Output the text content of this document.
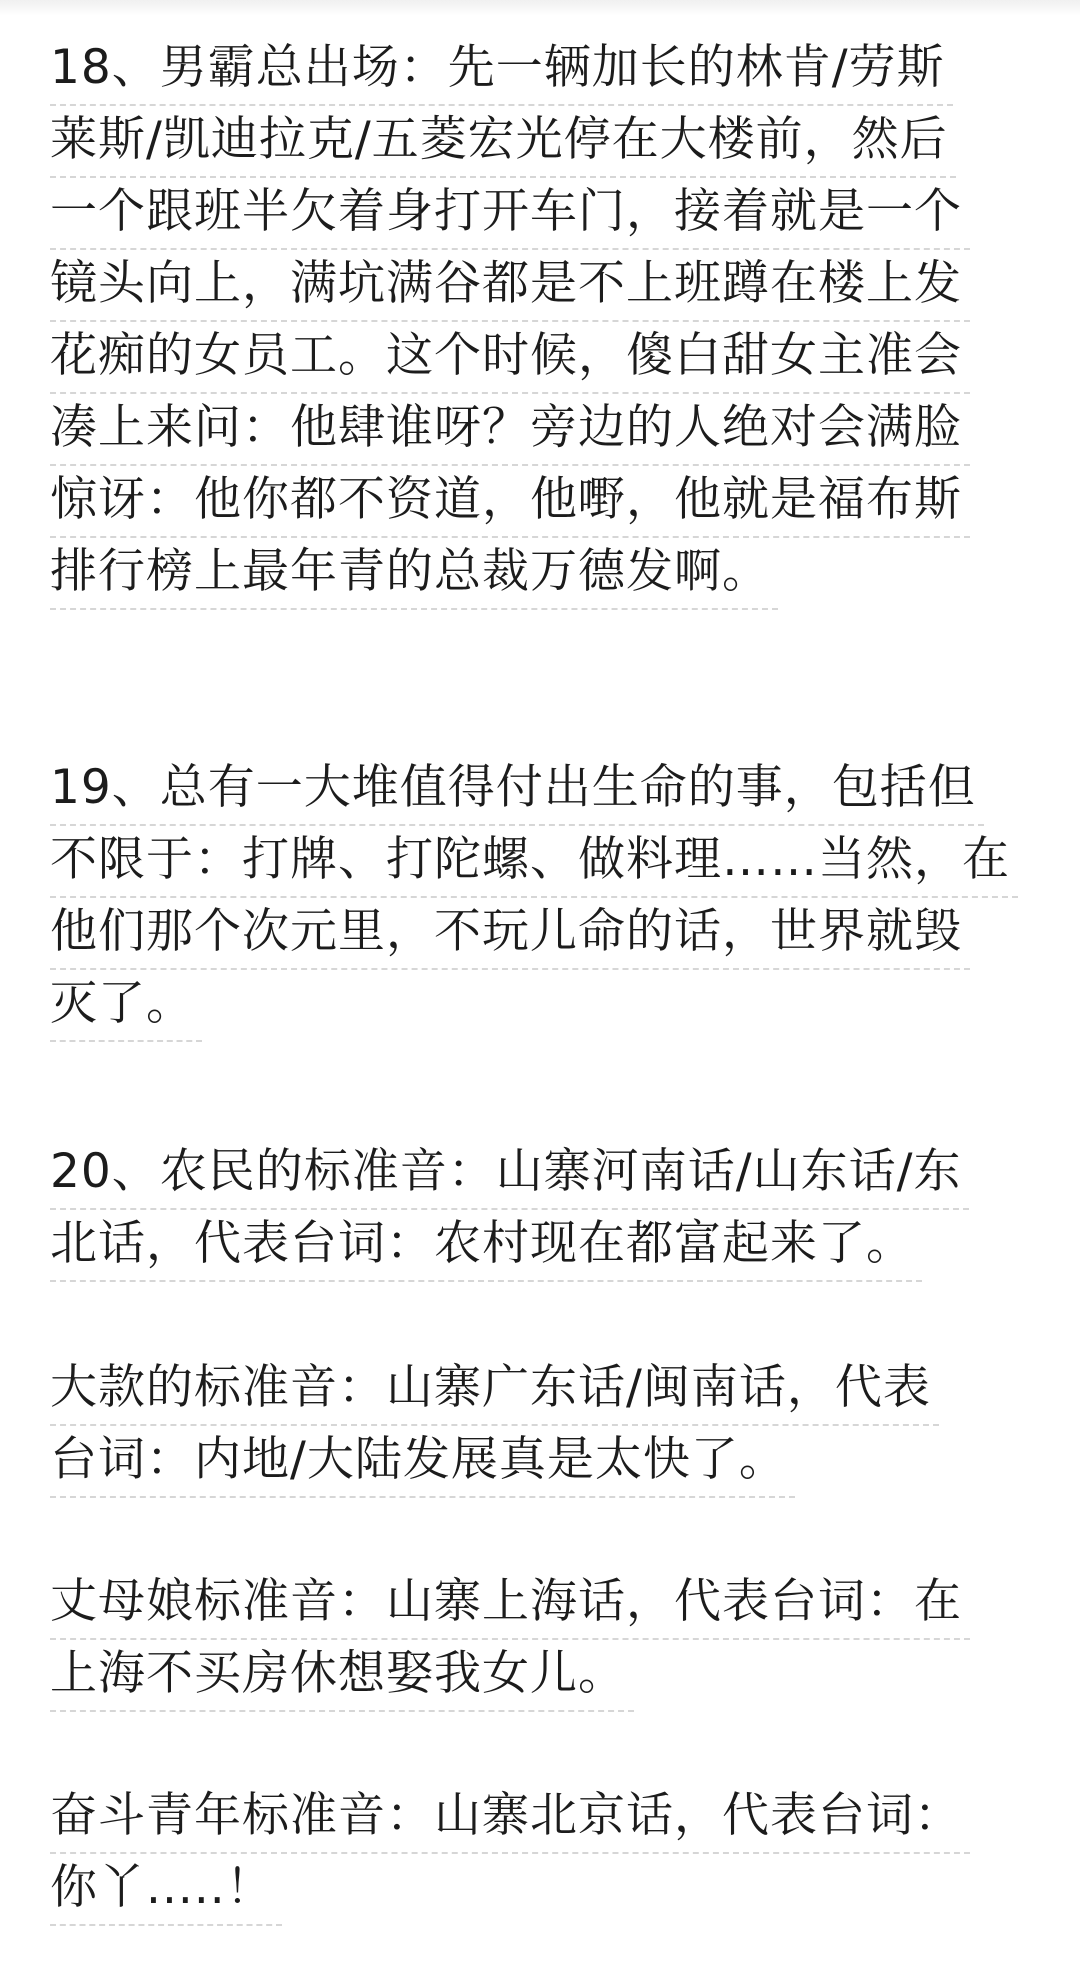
18、男霸总出场：先一辆加长的林肯/劳斯
莱斯/凯迪拉克/五菱宏光停在大楼前，然后
一个跟班半欠着身打开车门，接着就是一个
镜头向上，满坑满谷都是不上班蹲在楼上发
花痴的女员工。这个时候，傻白甜女主准会
凑上来问：他肆谁呀？旁边的人绝对会满脸
惊讶：他你都不资道，他嘢，他就是福布斯
排行榜上最年青的总裁万德发啊。
19、总有一大堆值得付出生命的事，包括但
不限于：打牌、打陀螺、做料理……当然，在
他们那个次元里，不玩儿命的话，世界就毁
灭了。
20、农民的标准音：山寨河南话/山东话/东
北话，代表台词：农村现在都富起来了。
大款的标准音：山寨广东话/闽南话，代表
台词：内地/大陆发展真是太快了。
丈母娘标准音：山寨上海话，代表台词：在
上海不买房休想娶我女儿。
奋斗青年标准音：山寨北京话，代表台词：
你丫.....！
